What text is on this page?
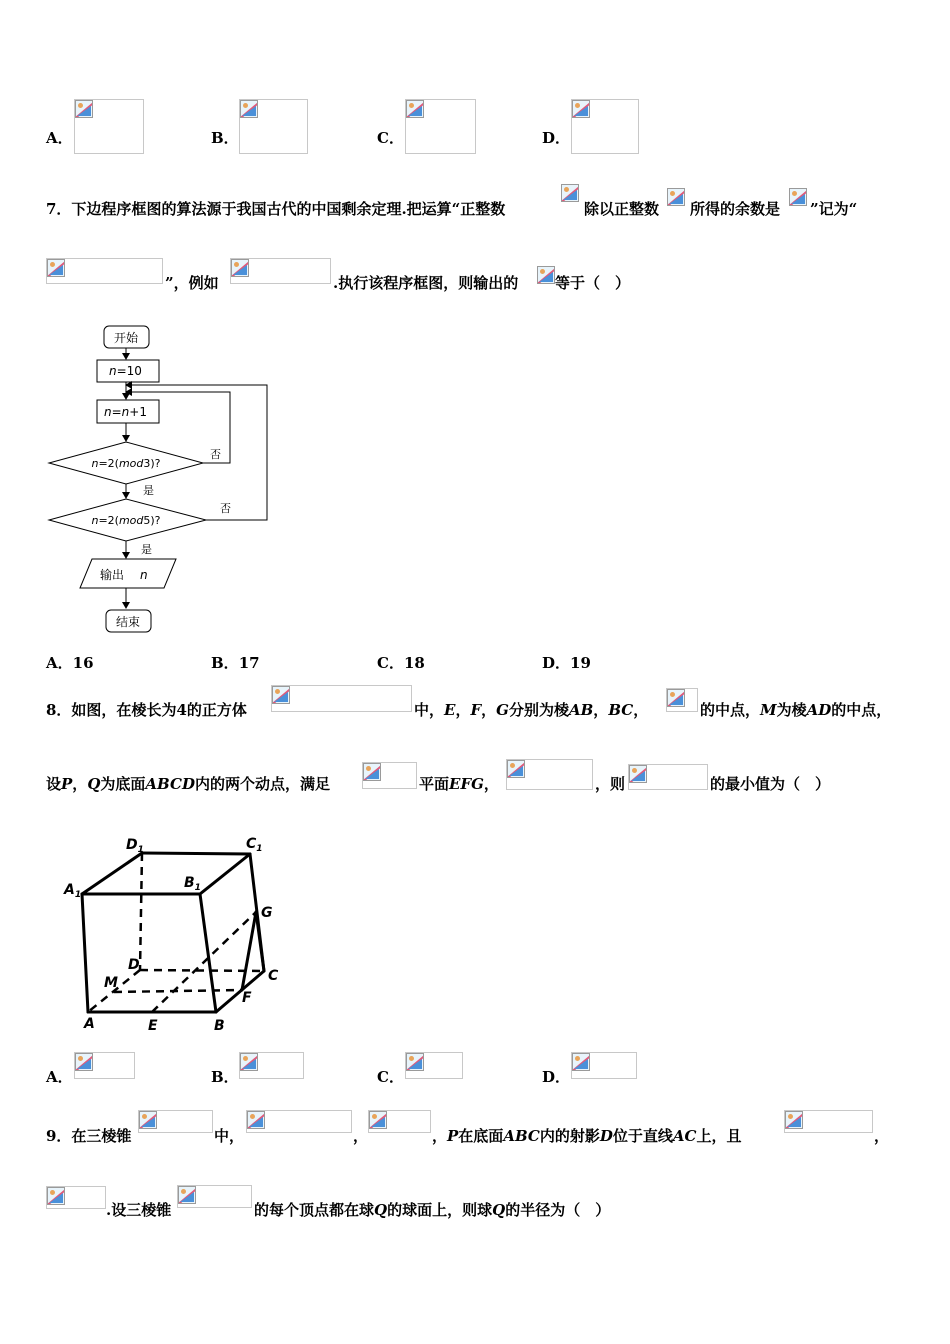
A．	B．	C．	D．
7．下边程序框图的算法源于我国古代的中国剩余定理.把运算“正整数	除以正整数 所得的余数是 ”记为“
”，例如	.执行该程序框图，则输出的 等于（　）
开始
n=10
n=n+1
n=2(mod3)?
否
是
n=2(mod5)?
否
是
输出 n
结束
A．16	B．17	C．18	D．19
8．如图，在棱长为4的正方体	中，E，F，G分别为棱AB，BC，	的中点，M为棱AD的中点，
设P，Q为底面ABCD内的两个动点，满足	平面EFG，	，则	的最小值为（　）
$D_1$	$C_1$
$A_1$
$B_1$
G
D
C
M
F
A	E	B
A．	B．	C．	D．
9．在三棱锥	中，	，	，P在底面ABC内的射影D位于直线AC上，且	，
.设三棱锥	的每个顶点都在球Q的球面上，则球Q的半径为（　）
